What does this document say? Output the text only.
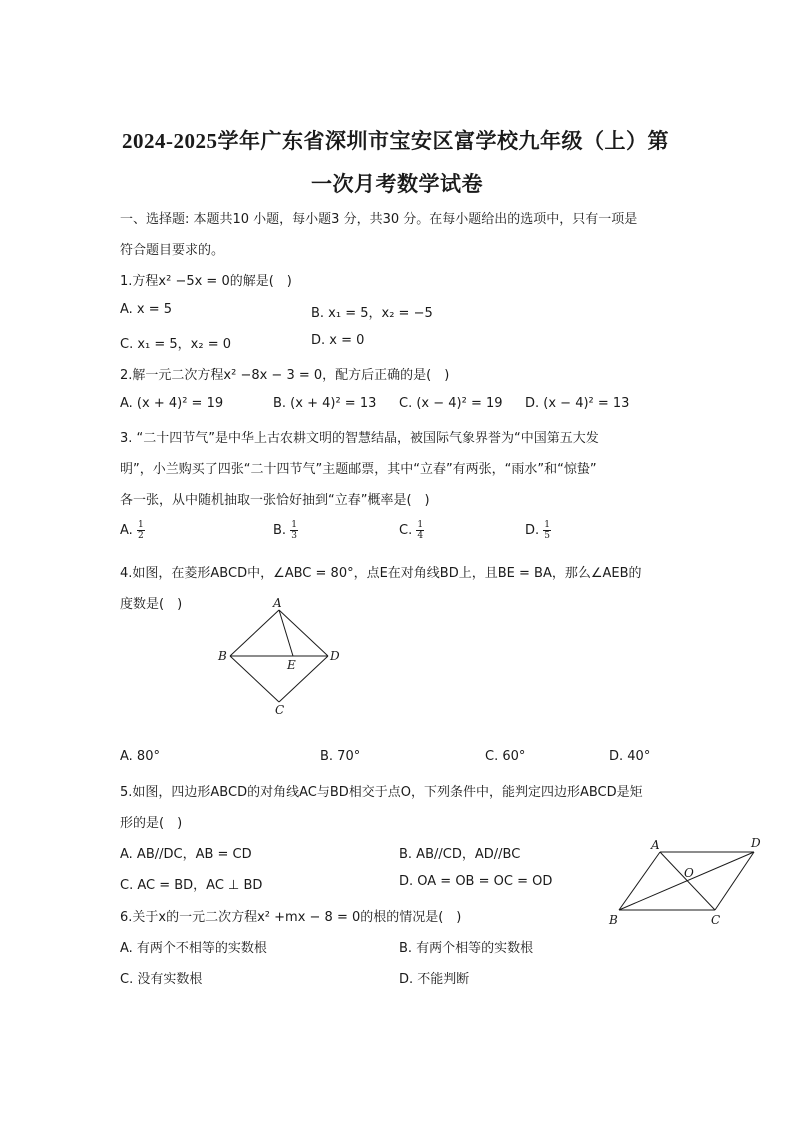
2024-2025学年广东省深圳市宝安区富学校九年级（上）第
一次月考数学试卷
一、选择题: 本题共10 小题，每小题3 分，共30 分。在每小题给出的选项中，只有一项是
符合题目要求的。
1.方程x² −5x = 0的解是(　)
A. x = 5	B. x₁ = 5，x₂ = −5
C. x₁ = 5，x₂ = 0	D. x = 0
2.解一元二次方程x² −8x − 3 = 0，配方后正确的是(　)
A. (x + 4)² = 19	B. (x + 4)² = 13 C. (x − 4)² = 19 D. (x − 4)² = 13
3. “二十四节气”是中华上古农耕文明的智慧结晶，被国际气象界誉为“中国第五大发
明”，小兰购买了四张“二十四节气”主题邮票，其中“立春”有两张，“雨水”和“惊蛰”
各一张，从中随机抽取一张恰好抽到“立春”概率是(　)
A. $\frac{1}{2}$	B. $\frac{1}{3}$	C. $\frac{1}{4}$	D. $\frac{1}{5}$
4.如图，在菱形ABCD中，∠ABC = 80°，点E在对角线BD上，且BE = BA，那么∠AEB的
度数是(　)	A
B
E
D
C
A. 80°	B. 70°	C. 60°	D. 40°
5.如图，四边形ABCD的对角线AC与BD相交于点O，下列条件中，能判定四边形ABCD是矩
形的是(　)
A. AB//DC，AB = CD	B. AB//CD，AD//BC
C. AC = BD，AC ⊥ BD	D. OA = OB = OC = OD
A	D
O
B	C
6.关于x的一元二次方程x² +mx − 8 = 0的根的情况是(　)
A. 有两个不相等的实数根	B. 有两个相等的实数根
C. 没有实数根	D. 不能判断
